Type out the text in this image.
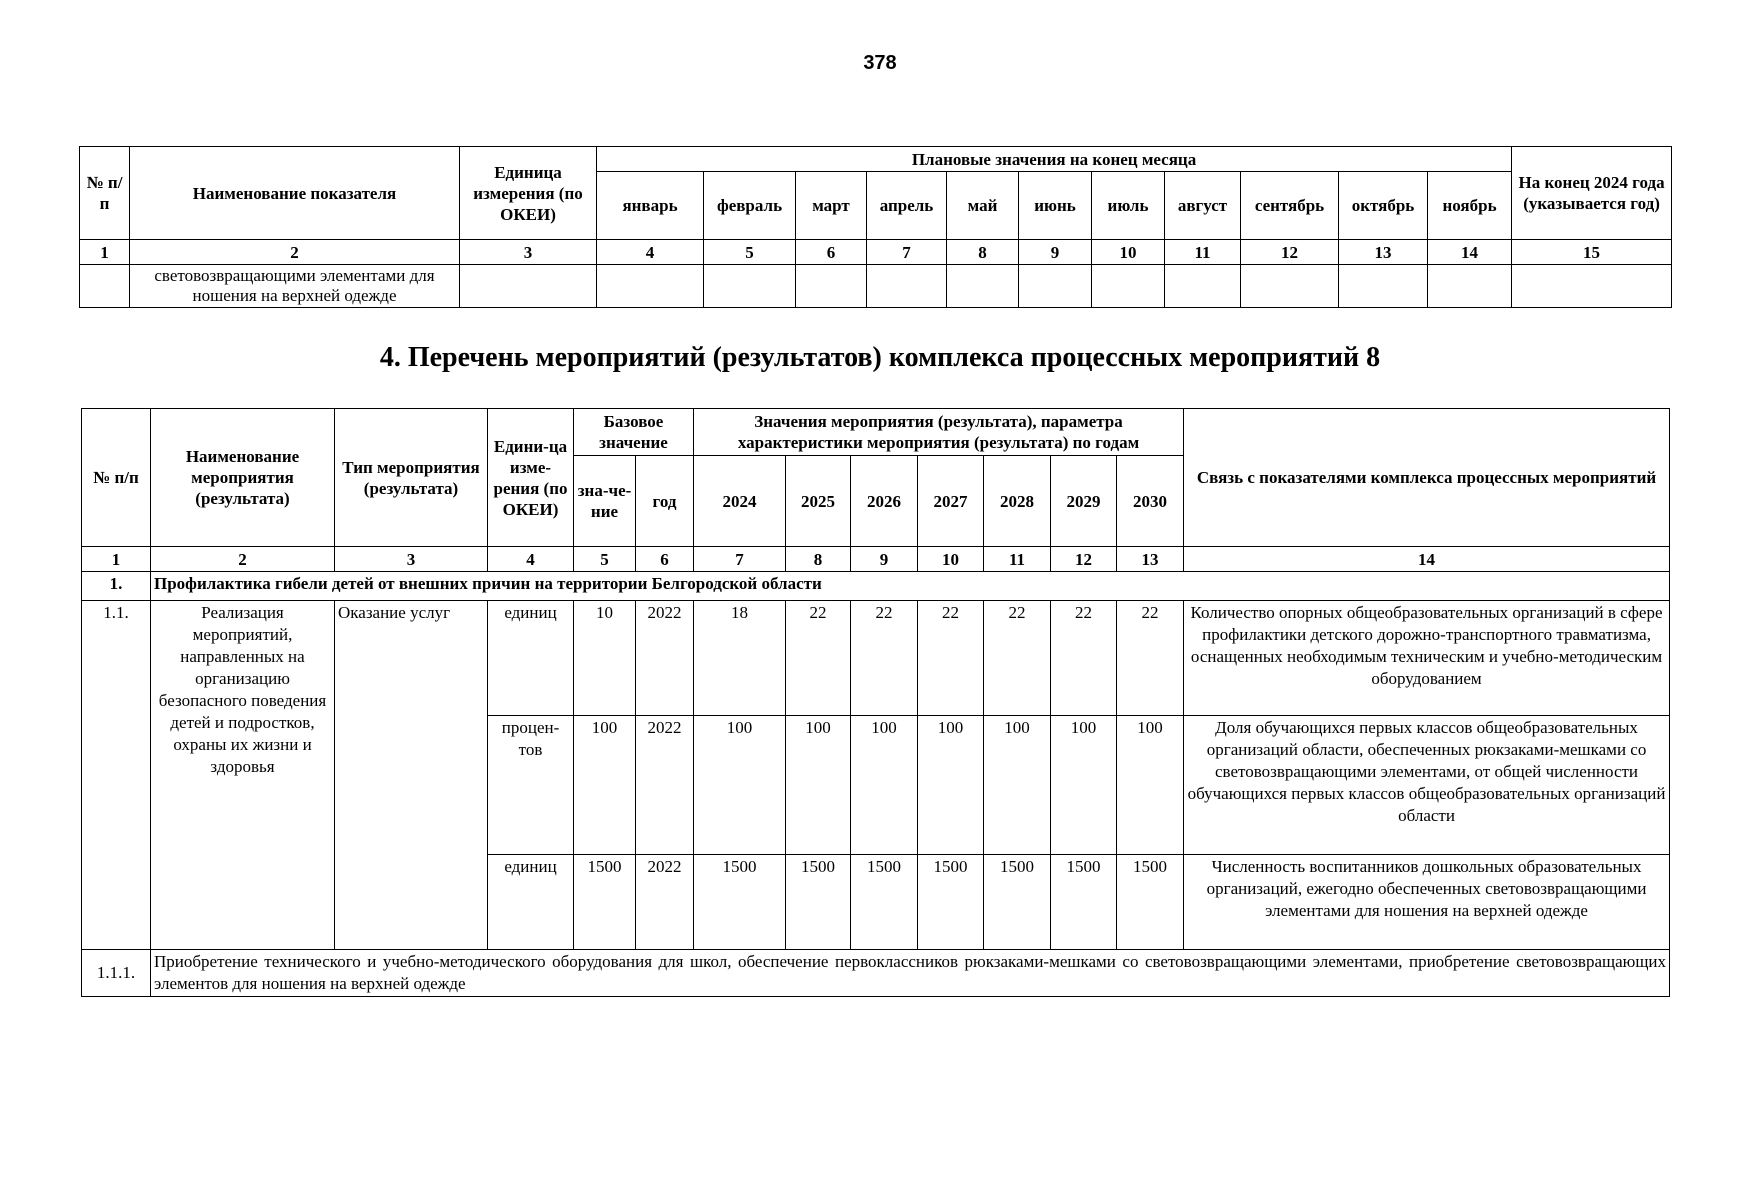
378
№ п/п	Наименование показателя	Единица измерения (по ОКЕИ)	Плановые значения на конец месяца											На конец 2024 года (указывается год)	
			январь	февраль	март	апрель	май	июнь	июль	август	сентябрь	октябрь	ноябрь		
1	2	3	4	5	6	7	8	9	10	11	12	13	14	15	
	световозвращающими элементами для ношения на верхней одежде														
4. Перечень мероприятий (результатов) комплекса процессных мероприятий 8
№ п/п	Наименование мероприятия (результата)	Тип мероприятия (результата)	Едини-ца изме-рения (по ОКЕИ)	Базовое значение		Значения мероприятия (результата), параметра характеристики мероприятия (результата) по годам							Связь с показателями комплекса процессных мероприятий
				зна-че-ние	год	2024	2025	2026	2027	2028	2029	2030	
1	2	3	4	5	6	7	8	9	10	11	12	13	14
1.	Профилактика гибели детей от внешних причин на территории Белгородской области												
1.1.	Реализация мероприятий, направленных на организацию безопасного поведения детей и подростков, охраны их жизни и здоровья	Оказание услуг	единиц	10	2022	18	22	22	22	22	22	22	Количество опорных общеобразовательных организаций в сфере профилактики детского дорожно-транспортного травматизма, оснащенных необходимым техническим и учебно-методическим оборудованием
			процен-тов	100	2022	100	100	100	100	100	100	100	Доля обучающихся первых классов общеобразовательных организаций области, обеспеченных рюкзаками-мешками со световозвращающими элементами, от общей численности обучающихся первых классов общеобразовательных организаций области
			единиц	1500	2022	1500	1500	1500	1500	1500	1500	1500	Численность воспитанников дошкольных образовательных организаций, ежегодно обеспеченных световозвращающими элементами для ношения на верхней одежде
1.1.1.	Приобретение технического и учебно-методического оборудования для школ, обеспечение первоклассников рюкзаками-мешками со световозвращающими элементами, приобретение световозвращающих элементов для ношения на верхней одежде												
